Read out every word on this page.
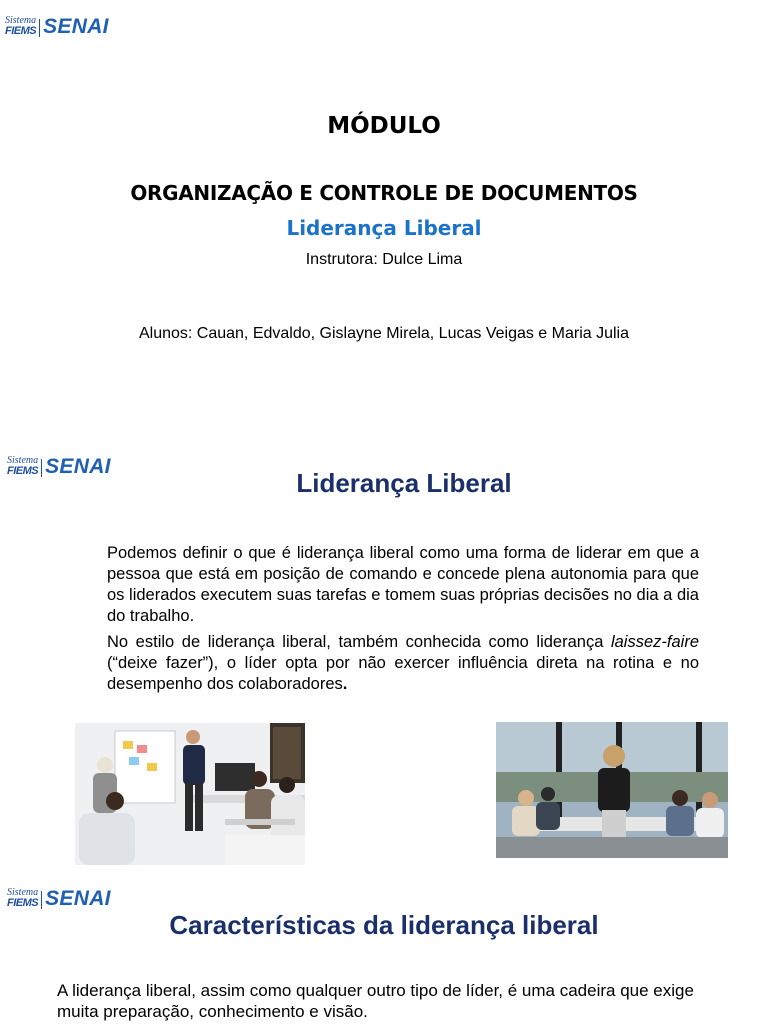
Sistema
FIEMS SENAI
MÓDULO
ORGANIZAÇÃO E CONTROLE DE DOCUMENTOS
Liderança Liberal
Instrutora: Dulce Lima
Alunos: Cauan, Edvaldo, Gislayne Mirela, Lucas Veigas e Maria Julia
Sistema
FIEMS SENAI
Liderança Liberal

Podemos definir o que é liderança liberal como uma forma de liderar em que a pessoa que está em posição de comando e concede plena autonomia para que os liderados executem suas tarefas e tomem suas próprias decisões no dia a dia do trabalho.

No estilo de liderança liberal, também conhecida como liderança laissez-faire (“deixe fazer”), o líder opta por não exercer influência direta na rotina e no desempenho dos colaboradores.

Sistema
FIEMS SENAI
Características da liderança liberal

A liderança liberal, assim como qualquer outro tipo de líder, é uma cadeira que exige muita preparação, conhecimento e visão.
